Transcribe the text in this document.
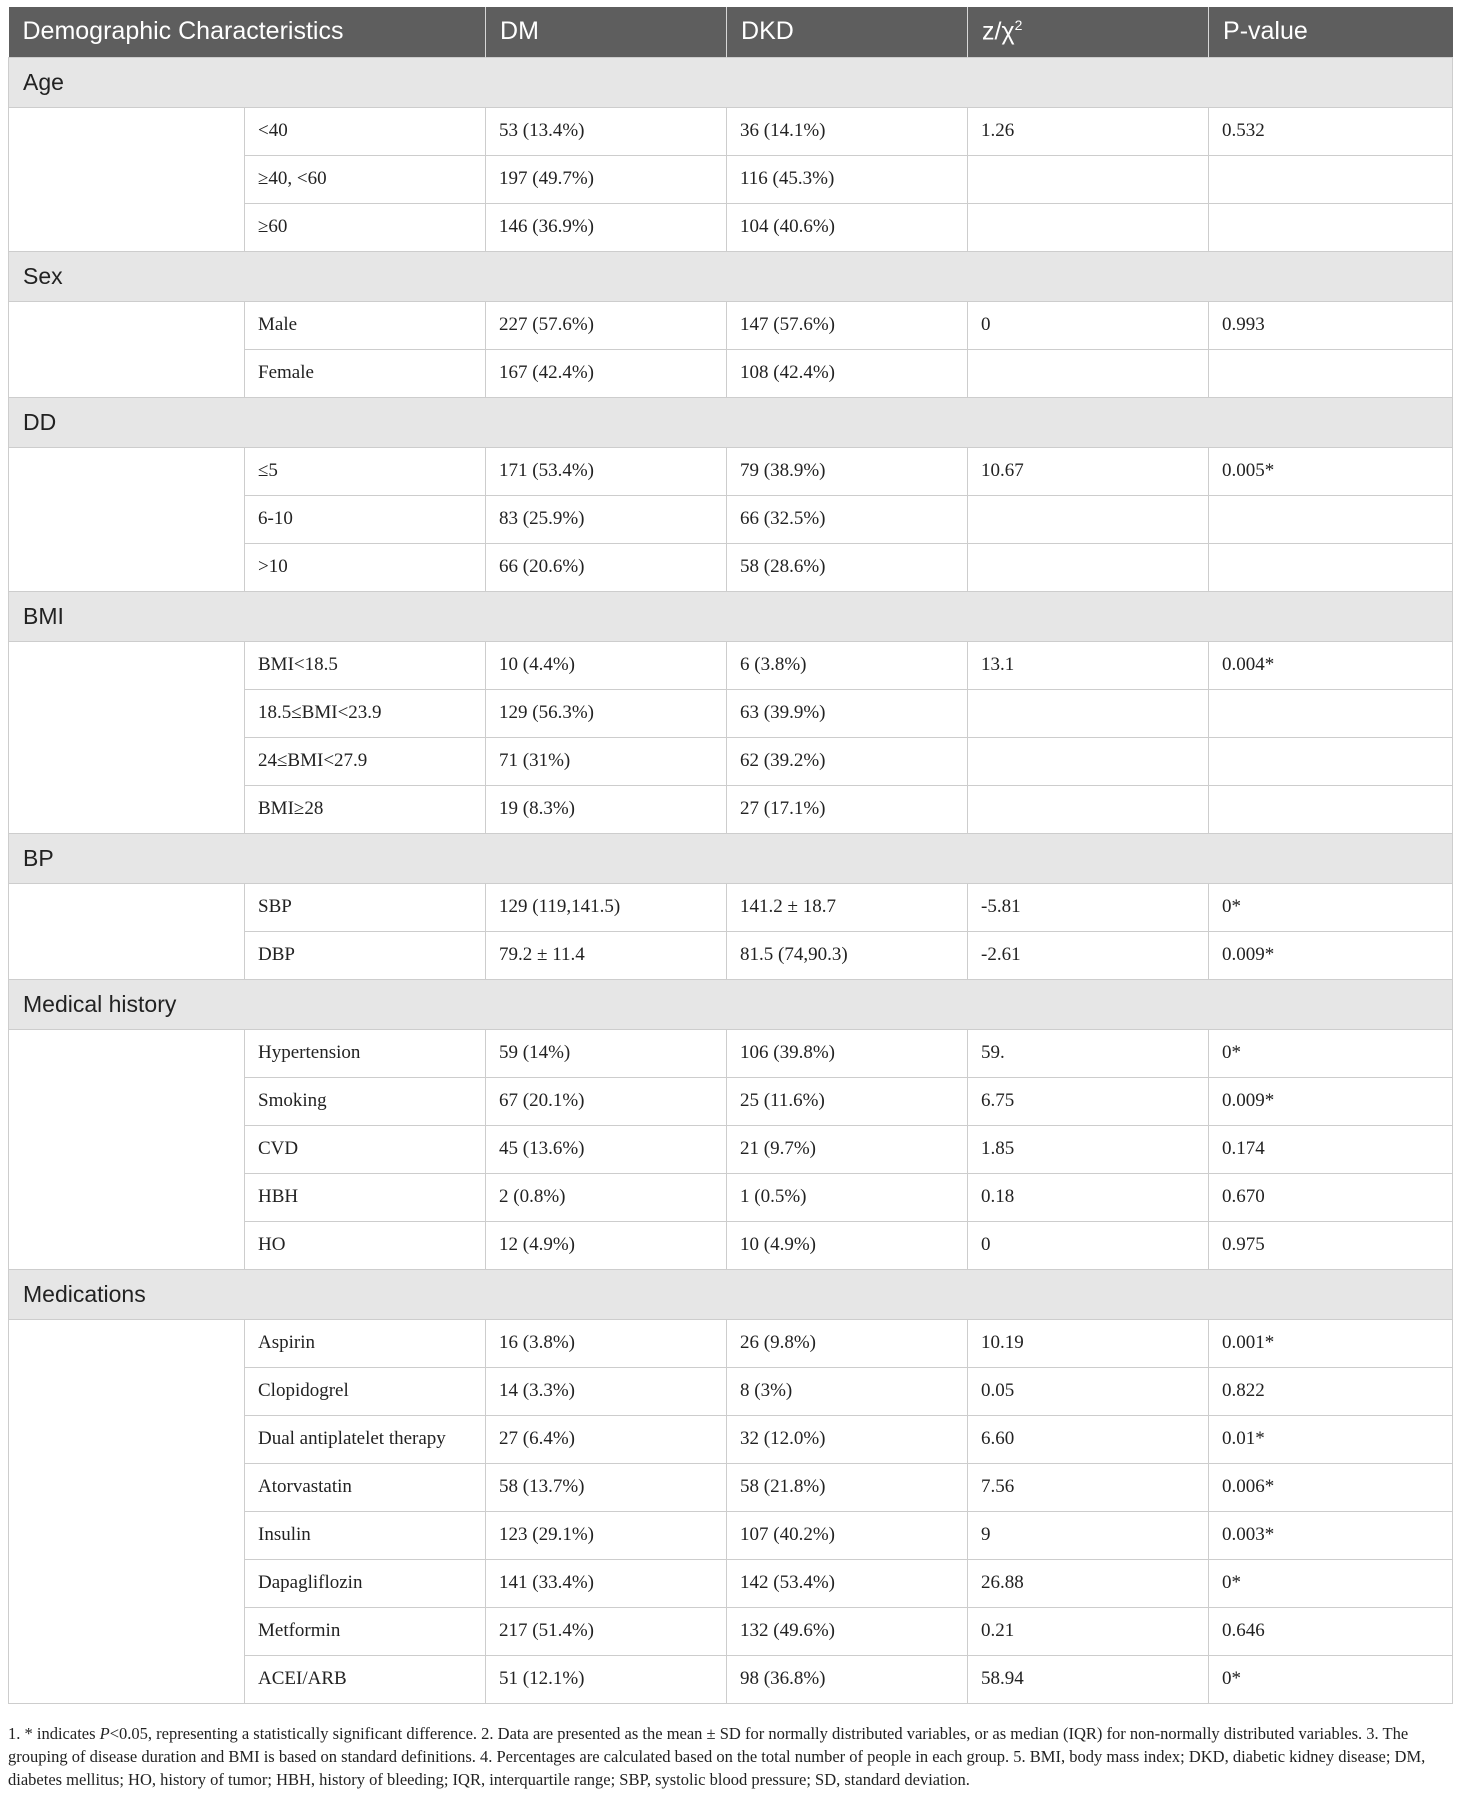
Demographic Characteristics		DM	DKD	$z/\chi^2$	P-value
Age					
	<40	53 (13.4%)	36 (14.1%)	1.26	0.532
	≥40, <60	197 (49.7%)	116 (45.3%)		
	≥60	146 (36.9%)	104 (40.6%)		
Sex					
	Male	227 (57.6%)	147 (57.6%)	0	0.993
	Female	167 (42.4%)	108 (42.4%)		
DD					
	≤5	171 (53.4%)	79 (38.9%)	10.67	0.005*
	6-10	83 (25.9%)	66 (32.5%)		
	>10	66 (20.6%)	58 (28.6%)		
BMI					
	BMI<18.5	10 (4.4%)	6 (3.8%)	13.1	0.004*
	18.5≤BMI<23.9	129 (56.3%)	63 (39.9%)		
	24≤BMI<27.9	71 (31%)	62 (39.2%)		
	BMI≥28	19 (8.3%)	27 (17.1%)		
BP					
	SBP	129 (119,141.5)	141.2 ± 18.7	-5.81	0*
	DBP	79.2 ± 11.4	81.5 (74,90.3)	-2.61	0.009*
Medical history					
	Hypertension	59 (14%)	106 (39.8%)	59.	0*
	Smoking	67 (20.1%)	25 (11.6%)	6.75	0.009*
	CVD	45 (13.6%)	21 (9.7%)	1.85	0.174
	HBH	2 (0.8%)	1 (0.5%)	0.18	0.670
	HO	12 (4.9%)	10 (4.9%)	0	0.975
Medications					
	Aspirin	16 (3.8%)	26 (9.8%)	10.19	0.001*
	Clopidogrel	14 (3.3%)	8 (3%)	0.05	0.822
	Dual antiplatelet therapy	27 (6.4%)	32 (12.0%)	6.60	0.01*
	Atorvastatin	58 (13.7%)	58 (21.8%)	7.56	0.006*
	Insulin	123 (29.1%)	107 (40.2%)	9	0.003*
	Dapagliflozin	141 (33.4%)	142 (53.4%)	26.88	0*
	Metformin	217 (51.4%)	132 (49.6%)	0.21	0.646
	ACEI/ARB	51 (12.1%)	98 (36.8%)	58.94	0*
1. * indicates P<0.05, representing a statistically significant difference. 2. Data are presented as the mean ± SD for normally distributed variables, or as median (IQR) for non-normally distributed variables. 3. The grouping of disease duration and BMI is based on standard definitions. 4. Percentages are calculated based on the total number of people in each group. 5. BMI, body mass index; DKD, diabetic kidney disease; DM, diabetes mellitus; HO, history of tumor; HBH, history of bleeding; IQR, interquartile range; SBP, systolic blood pressure; SD, standard deviation.
